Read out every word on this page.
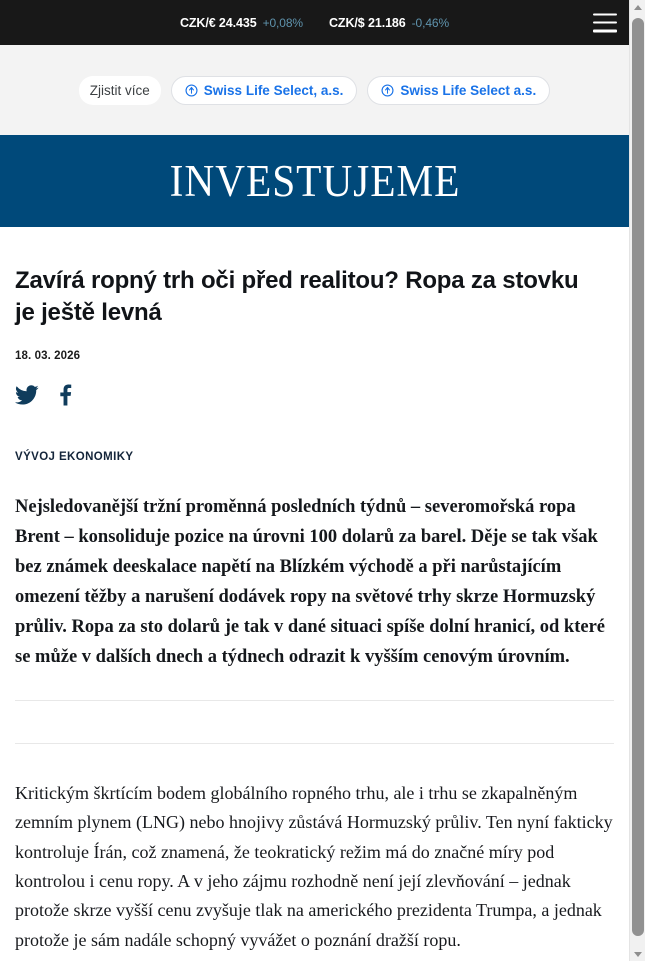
CZK/€ 24.435 +0,08% CZK/$ 21.186 -0,46%
Zjistit více	Swiss Life Select, a.s.	Swiss Life Select a.s.
INVESTUJEME
Zavírá ropný trh oči před realitou? Ropa za stovku je ještě levná
18. 03. 2026
VÝVOJ EKONOMIKY

Nejsledovanější tržní proměnná posledních týdnů – severomořská ropa Brent – konsoliduje pozice na úrovni 100 dolarů za barel. Děje se tak však bez známek deeskalace napětí na Blízkém východě a při narůstajícím omezení těžby a narušení dodávek ropy na světové trhy skrze Hormuzský průliv. Ropa za sto dolarů je tak v dané situaci spíše dolní hranicí, od které se může v dalších dnech a týdnech odrazit k vyšším cenovým úrovním.

Kritickým škrtícím bodem globálního ropného trhu, ale i trhu se zkapalněným zemním plynem (LNG) nebo hnojivy zůstává Hormuzský průliv. Ten nyní fakticky kontroluje Írán, což znamená, že teokratický režim má do značné míry pod kontrolou i cenu ropy. A v jeho zájmu rozhodně není její zlevňování – jednak protože skrze vyšší cenu zvyšuje tlak na amerického prezidenta Trumpa, a jednak protože je sám nadále schopný vyvážet o poznání dražší ropu.
